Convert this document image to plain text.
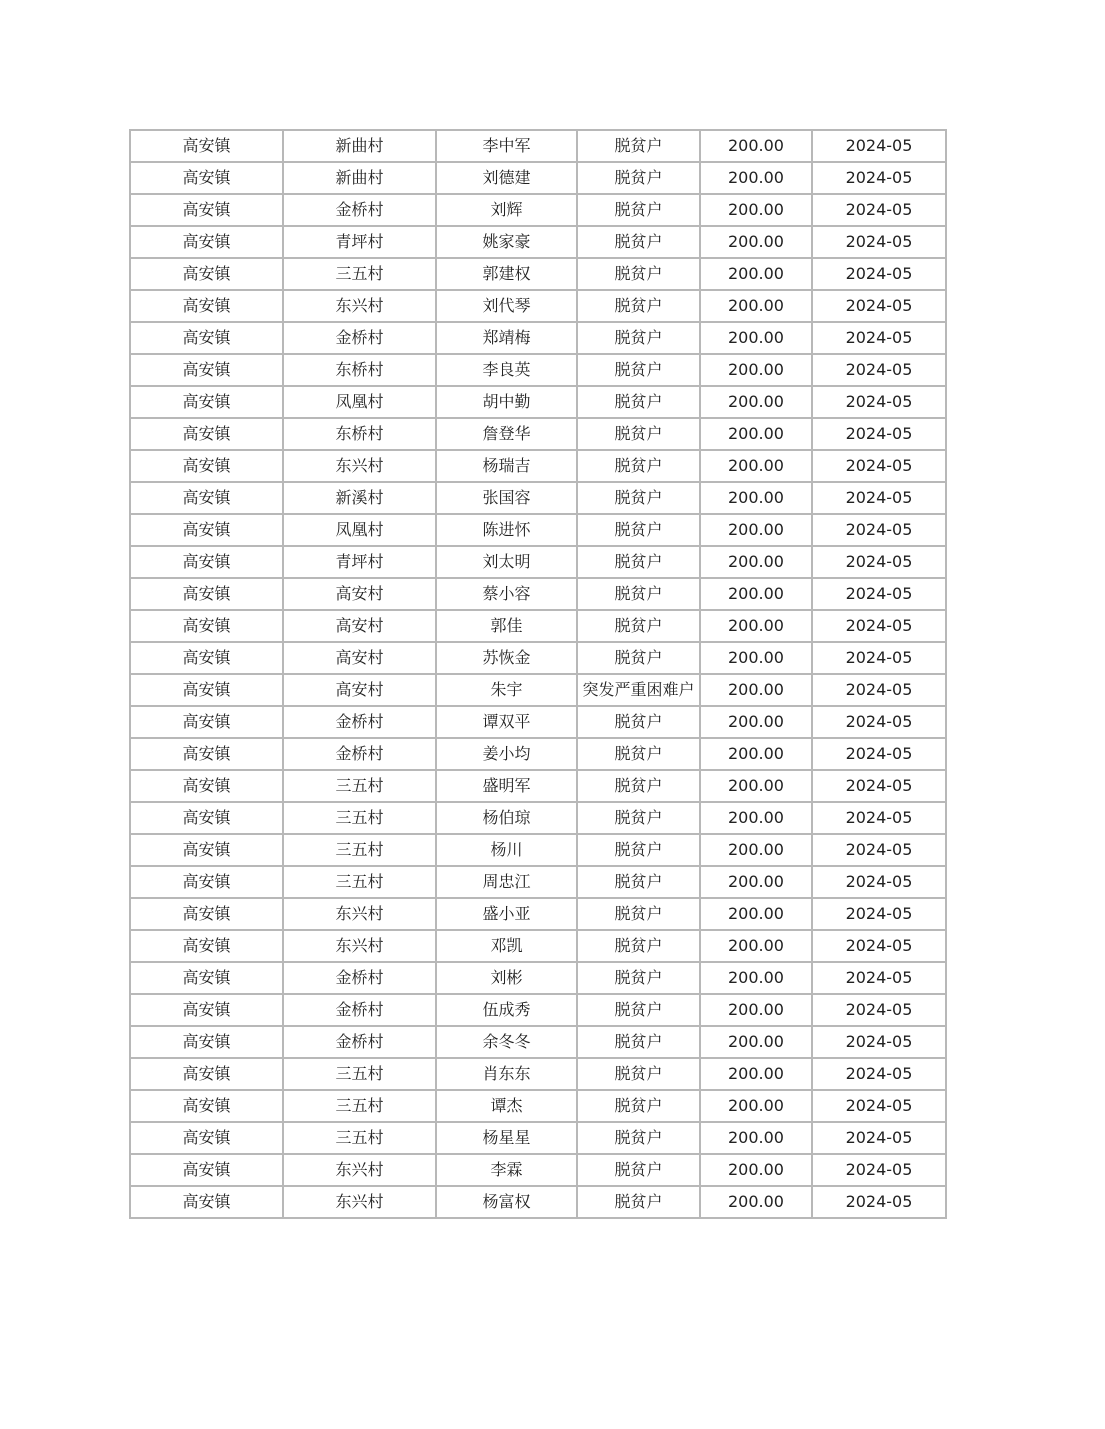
高安镇	新曲村	李中军	脱贫户	200.00	2024-05
高安镇	新曲村	刘德建	脱贫户	200.00	2024-05
高安镇	金桥村	刘辉	脱贫户	200.00	2024-05
高安镇	青坪村	姚家豪	脱贫户	200.00	2024-05
高安镇	三五村	郭建权	脱贫户	200.00	2024-05
高安镇	东兴村	刘代琴	脱贫户	200.00	2024-05
高安镇	金桥村	郑靖梅	脱贫户	200.00	2024-05
高安镇	东桥村	李良英	脱贫户	200.00	2024-05
高安镇	凤凰村	胡中勤	脱贫户	200.00	2024-05
高安镇	东桥村	詹登华	脱贫户	200.00	2024-05
高安镇	东兴村	杨瑞吉	脱贫户	200.00	2024-05
高安镇	新溪村	张国容	脱贫户	200.00	2024-05
高安镇	凤凰村	陈进怀	脱贫户	200.00	2024-05
高安镇	青坪村	刘太明	脱贫户	200.00	2024-05
高安镇	高安村	蔡小容	脱贫户	200.00	2024-05
高安镇	高安村	郭佳	脱贫户	200.00	2024-05
高安镇	高安村	苏恢金	脱贫户	200.00	2024-05
高安镇	高安村	朱宇	突发严重困难户	200.00	2024-05
高安镇	金桥村	谭双平	脱贫户	200.00	2024-05
高安镇	金桥村	姜小均	脱贫户	200.00	2024-05
高安镇	三五村	盛明军	脱贫户	200.00	2024-05
高安镇	三五村	杨伯琼	脱贫户	200.00	2024-05
高安镇	三五村	杨川	脱贫户	200.00	2024-05
高安镇	三五村	周忠江	脱贫户	200.00	2024-05
高安镇	东兴村	盛小亚	脱贫户	200.00	2024-05
高安镇	东兴村	邓凯	脱贫户	200.00	2024-05
高安镇	金桥村	刘彬	脱贫户	200.00	2024-05
高安镇	金桥村	伍成秀	脱贫户	200.00	2024-05
高安镇	金桥村	余冬冬	脱贫户	200.00	2024-05
高安镇	三五村	肖东东	脱贫户	200.00	2024-05
高安镇	三五村	谭杰	脱贫户	200.00	2024-05
高安镇	三五村	杨星星	脱贫户	200.00	2024-05
高安镇	东兴村	李霖	脱贫户	200.00	2024-05
高安镇	东兴村	杨富权	脱贫户	200.00	2024-05
